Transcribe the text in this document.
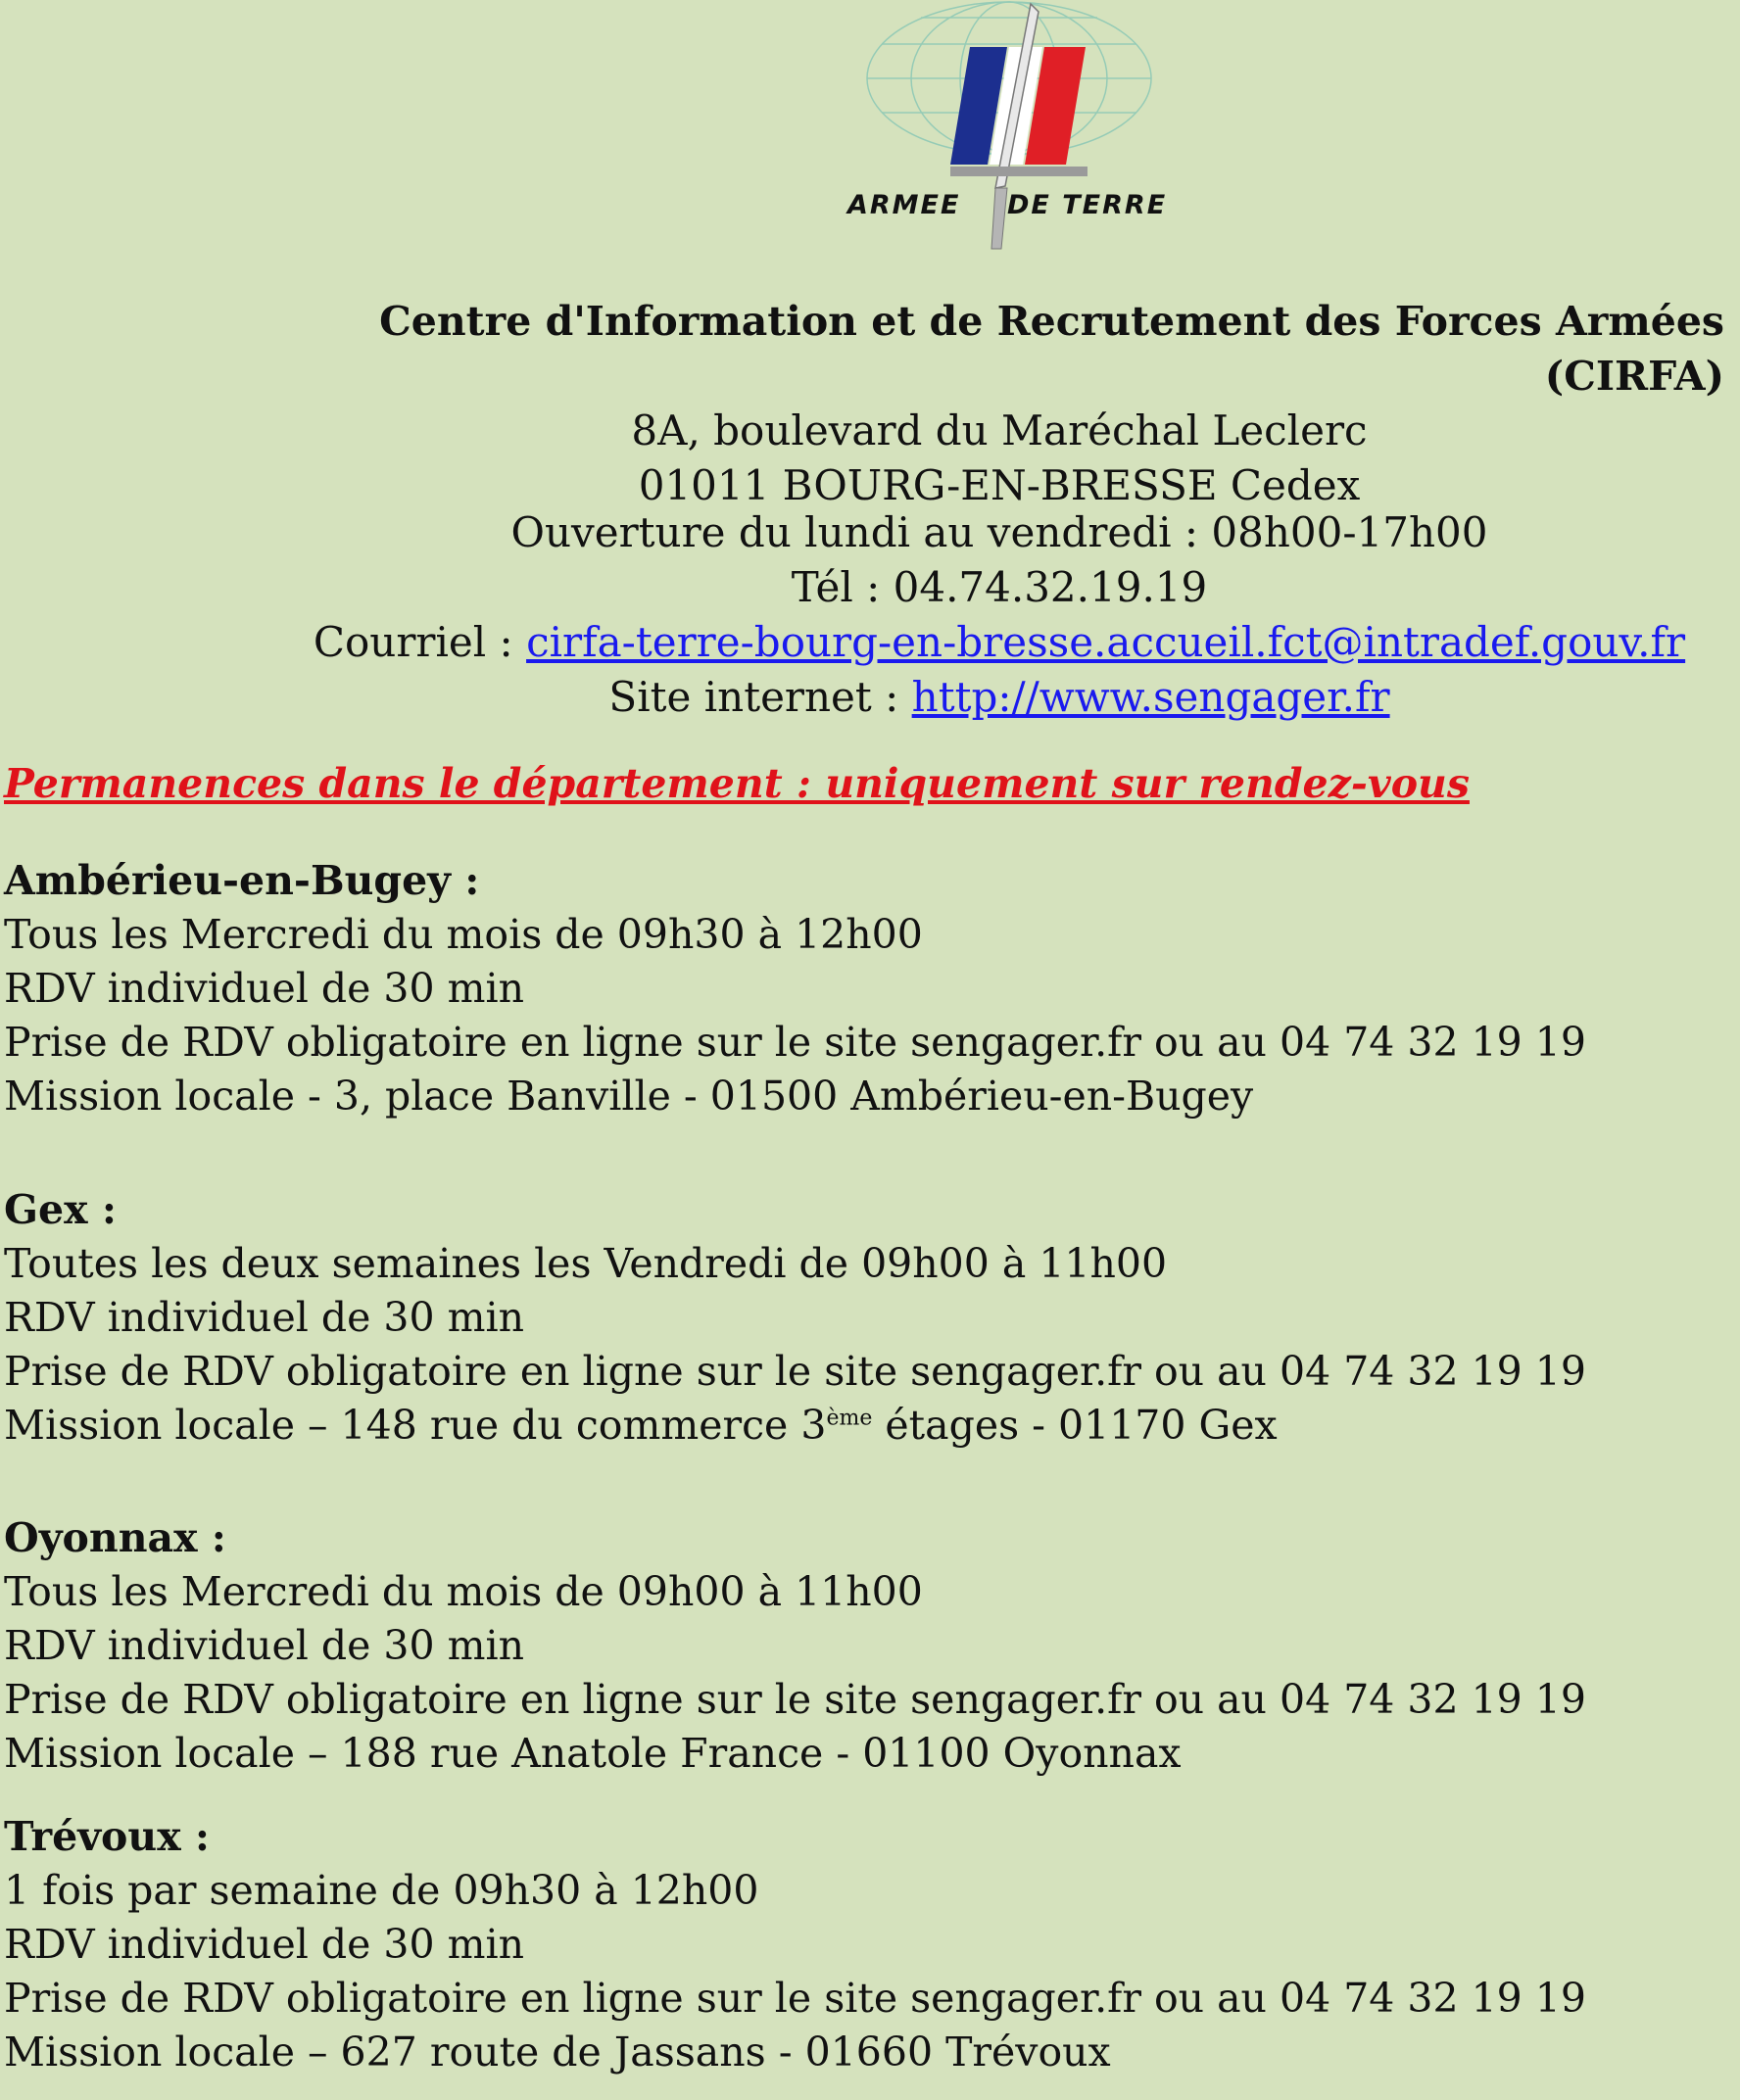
ARMEE DE TERRE
Centre d'Information et de Recrutement des Forces Armées (CIRFA)
8A, boulevard du Maréchal Leclerc
01011 BOURG-EN-BRESSE Cedex
Ouverture du lundi au vendredi : 08h00-17h00
Tél : 04.74.32.19.19
Courriel : cirfa-terre-bourg-en-bresse.accueil.fct@intradef.gouv.fr
Site internet : http://www.sengager.fr
Permanences dans le département : uniquement sur rendez-vous
Ambérieu-en-Bugey :
Tous les Mercredi du mois de 09h30 à 12h00
RDV individuel de 30 min
Prise de RDV obligatoire en ligne sur le site sengager.fr ou au 04 74 32 19 19
Mission locale - 3, place Banville - 01500 Ambérieu-en-Bugey
Gex :
Toutes les deux semaines les Vendredi de 09h00 à 11h00
RDV individuel de 30 min
Prise de RDV obligatoire en ligne sur le site sengager.fr ou au 04 74 32 19 19
Mission locale – 148 rue du commerce 3ème étages - 01170 Gex
Oyonnax :
Tous les Mercredi du mois de 09h00 à 11h00
RDV individuel de 30 min
Prise de RDV obligatoire en ligne sur le site sengager.fr ou au 04 74 32 19 19
Mission locale – 188 rue Anatole France - 01100 Oyonnax
Trévoux :
1 fois par semaine de 09h30 à 12h00
RDV individuel de 30 min
Prise de RDV obligatoire en ligne sur le site sengager.fr ou au 04 74 32 19 19
Mission locale – 627 route de Jassans - 01660 Trévoux
